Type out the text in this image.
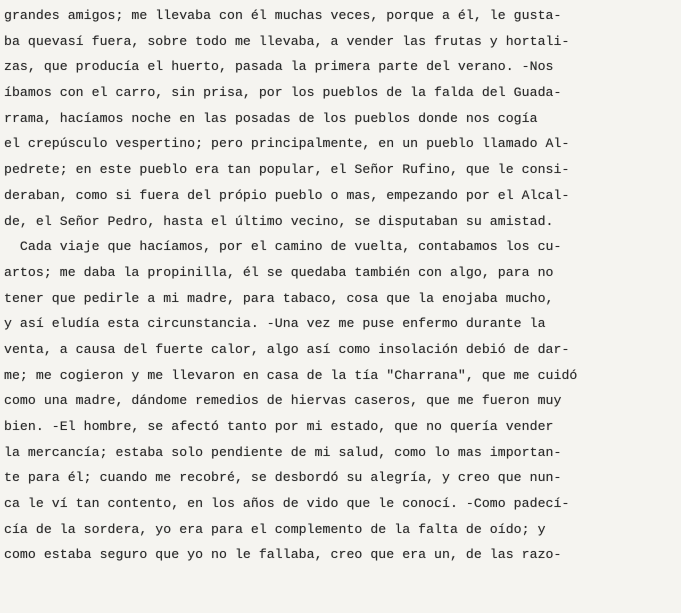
grandes amigos; me llevaba con él muchas veces, porque a él, le gusta-
ba quevasí fuera, sobre todo me llevaba, a vender las frutas y hortali-
zas, que producía el huerto, pasada la primera parte del verano. -Nos
íbamos con el carro, sin prisa, por los pueblos de la falda del Guada-
rrama, hacíamos noche en las posadas de los pueblos donde nos cogía
el crepúsculo vespertino; pero principalmente, en un pueblo llamado Al-
pedrete; en este pueblo era tan popular, el Señor Rufino, que le consi-
deraban, como si fuera del própio pueblo o mas, empezando por el Alcal-
de, el Señor Pedro, hasta el último vecino, se disputaban su amistad.
Cada viaje que hacíamos, por el camino de vuelta, contabamos los cu-
artos; me daba la propinilla, él se quedaba también con algo, para no
tener que pedirle a mi madre, para tabaco, cosa que la enojaba mucho,
y así eludía esta circunstancia. -Una vez me puse enfermo durante la
venta, a causa del fuerte calor, algo así como insolación debió de dar-
me; me cogieron y me llevaron en casa de la tía "Charrana", que me cuidó
como una madre, dándome remedios de hiervas caseros, que me fueron muy
bien. -El hombre, se afectó tanto por mi estado, que no quería vender
la mercancía; estaba solo pendiente de mi salud, como lo mas importan-
te para él; cuando me recobré, se desbordó su alegría, y creo que nun-
ca le ví tan contento, en los años de vido que le conocí. -Como padecí-
cía de la sordera, yo era para el complemento de la falta de oído; y
como estaba seguro que yo no le fallaba, creo que era un, de las razo-
